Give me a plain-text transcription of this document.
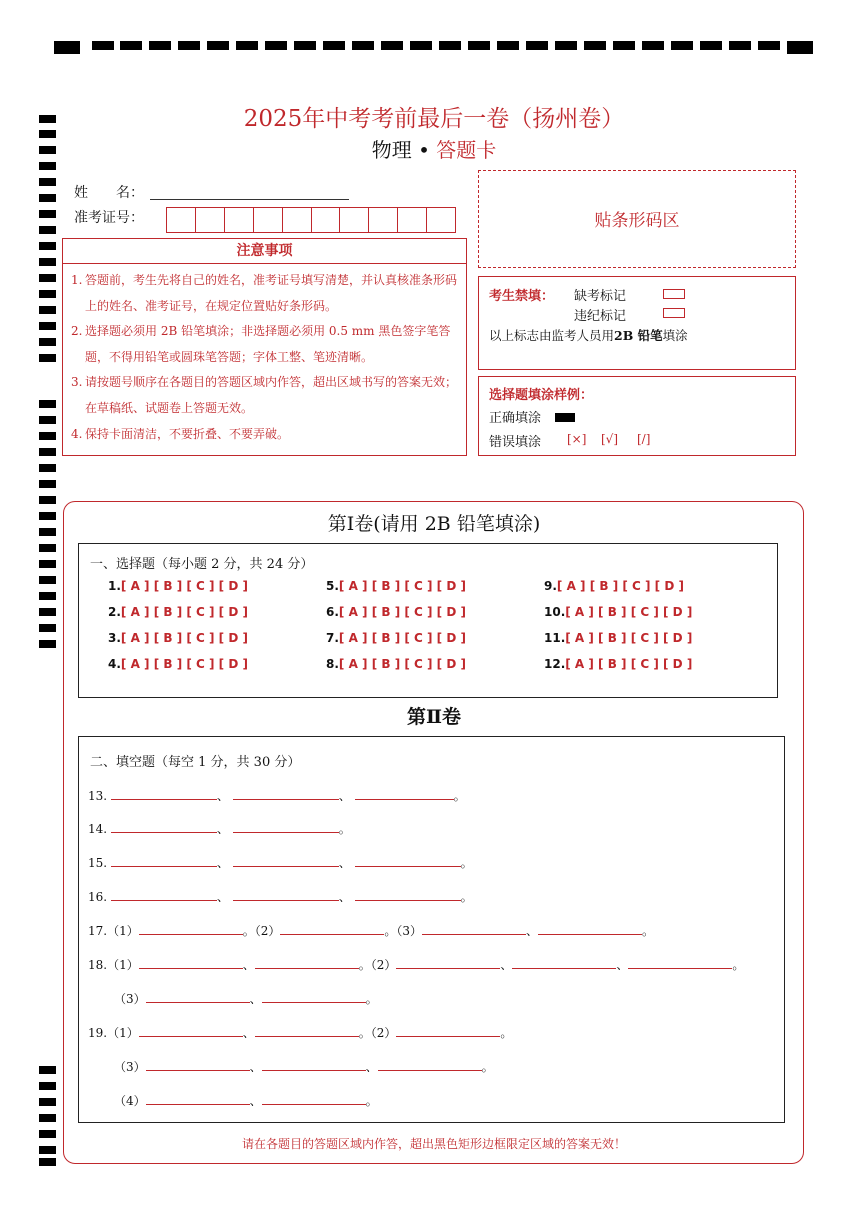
2025年中考考前最后一卷（扬州卷）
物理 • 答题卡
姓　　名：
准考证号：	贴条形码区
注意事项
1. 答题前，考生先将自己的姓名，准考证号填写清楚，并认真核准条形码上的姓名、准考证号，在规定位置贴好条形码。
2. 选择题必须用 2B 铅笔填涂；非选择题必须用 0.5 mm 黑色签字笔答题，不得用铅笔或圆珠笔答题；字体工整、笔迹清晰。
3. 请按题号顺序在各题目的答题区域内作答，超出区域书写的答案无效；在草稿纸、试题卷上答题无效。
4. 保持卡面清洁，不要折叠、不要弄破。
考生禁填： 缺考标记
违纪标记
以上标志由监考人员用2B 铅笔填涂
选择题填涂样例：
正确填涂
错误填涂 [×] [√] [/]
第Ⅰ卷(请用 2B 铅笔填涂)
一、选择题（每小题 2 分，共 24 分）
1.[ A ] [ B ] [ C ] [ D ]
2.[ A ] [ B ] [ C ] [ D ]
3.[ A ] [ B ] [ C ] [ D ]
4.[ A ] [ B ] [ C ] [ D ]
5.[ A ] [ B ] [ C ] [ D ]
6.[ A ] [ B ] [ C ] [ D ]
7.[ A ] [ B ] [ C ] [ D ]
8.[ A ] [ B ] [ C ] [ D ]
9.[ A ] [ B ] [ C ] [ D ]
10.[ A ] [ B ] [ C ] [ D ]
11.[ A ] [ B ] [ C ] [ D ]
12.[ A ] [ B ] [ C ] [ D ]
第Ⅱ卷
二、填空题（每空 1 分，共 30 分）
13.	、	、	。
14.	、	。
15.	、	、	。
16.	、	、	。
17.（1）	。（2）	。（3）	、	。
18.（1）	、	。（2）	、	、	。
（3）	、	。
19.（1）	、	。（2）	。
（3）	、	、	。
（4）	、	。
请在各题目的答题区域内作答，超出黑色矩形边框限定区域的答案无效！
